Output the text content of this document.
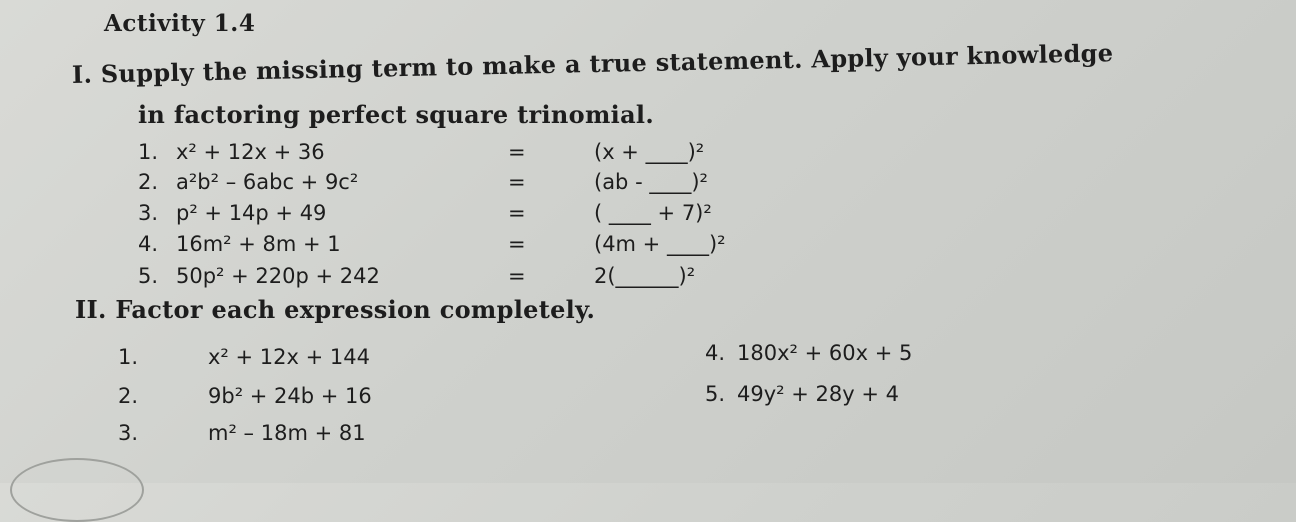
Activity 1.4
I. Supply the missing term to make a true statement. Apply your knowledge
in factoring perfect square trinomial.
1. x² + 12x + 36	=	(x + ____)²
2. a²b² – 6abc + 9c²	=	(ab - ____)²
3. p² + 14p + 49	=	( ____ + 7)²
4. 16m² + 8m + 1	=	(4m + ____)²
5. 50p² + 220p + 242	=	2(______)²
II. Factor each expression completely.
1.	x² + 12x + 144
2.	9b² + 24b + 16
3.	m² – 18m + 81
4. 180x² + 60x + 5
5. 49y² + 28y + 4
